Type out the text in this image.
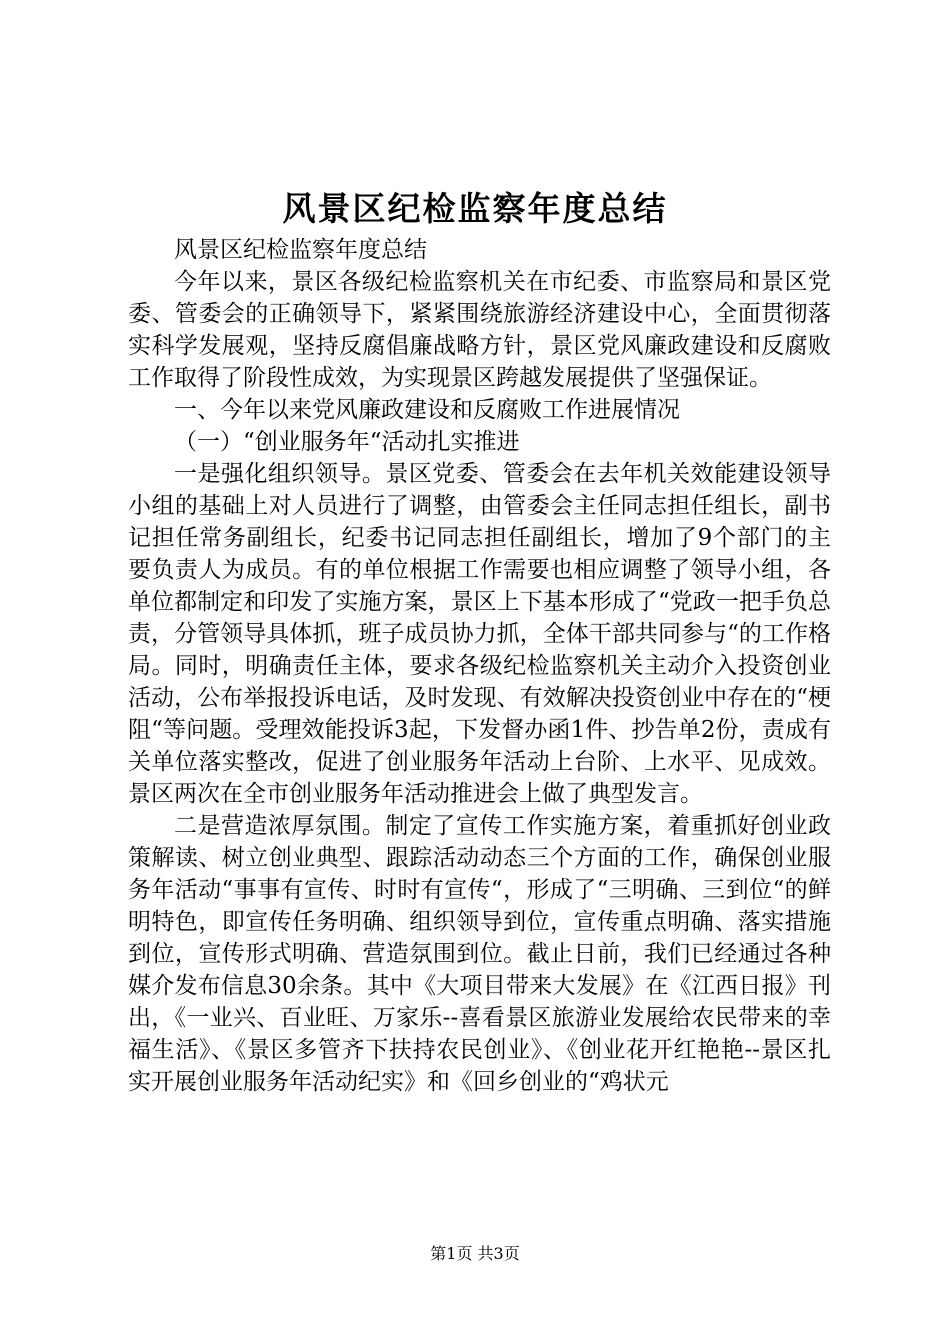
风景区纪检监察年度总结

风景区纪检监察年度总结

今年以来，景区各级纪检监察机关在市纪委、市监察局和景区党委、管委会的正确领导下，紧紧围绕旅游经济建设中心，全面贯彻落实科学发展观，坚持反腐倡廉战略方针，景区党风廉政建设和反腐败工作取得了阶段性成效，为实现景区跨越发展提供了坚强保证。

一、今年以来党风廉政建设和反腐败工作进展情况

（一）“创业服务年“活动扎实推进

一是强化组织领导。景区党委、管委会在去年机关效能建设领导小组的基础上对人员进行了调整，由管委会主任同志担任组长，副书记担任常务副组长，纪委书记同志担任副组长，增加了9个部门的主要负责人为成员。有的单位根据工作需要也相应调整了领导小组，各单位都制定和印发了实施方案，景区上下基本形成了“党政一把手负总责，分管领导具体抓，班子成员协力抓，全体干部共同参与“的工作格局。同时，明确责任主体，要求各级纪检监察机关主动介入投资创业活动，公布举报投诉电话，及时发现、有效解决投资创业中存在的“梗阻“等问题。受理效能投诉3起，下发督办函1件、抄告单2份，责成有关单位落实整改，促进了创业服务年活动上台阶、上水平、见成效。景区两次在全市创业服务年活动推进会上做了典型发言。

二是营造浓厚氛围。制定了宣传工作实施方案，着重抓好创业政策解读、树立创业典型、跟踪活动动态三个方面的工作，确保创业服务年活动“事事有宣传、时时有宣传“，形成了“三明确、三到位“的鲜明特色，即宣传任务明确、组织领导到位，宣传重点明确、落实措施到位，宣传形式明确、营造氛围到位。截止日前，我们已经通过各种媒介发布信息30余条。其中《大项目带来大发展》在《江西日报》刊出，《一业兴、百业旺、万家乐--喜看景区旅游业发展给农民带来的幸福生活》、《景区多管齐下扶持农民创业》、《创业花开红艳艳--景区扎实开展创业服务年活动纪实》和《回乡创业的“鸡状元

第1页 共3页
